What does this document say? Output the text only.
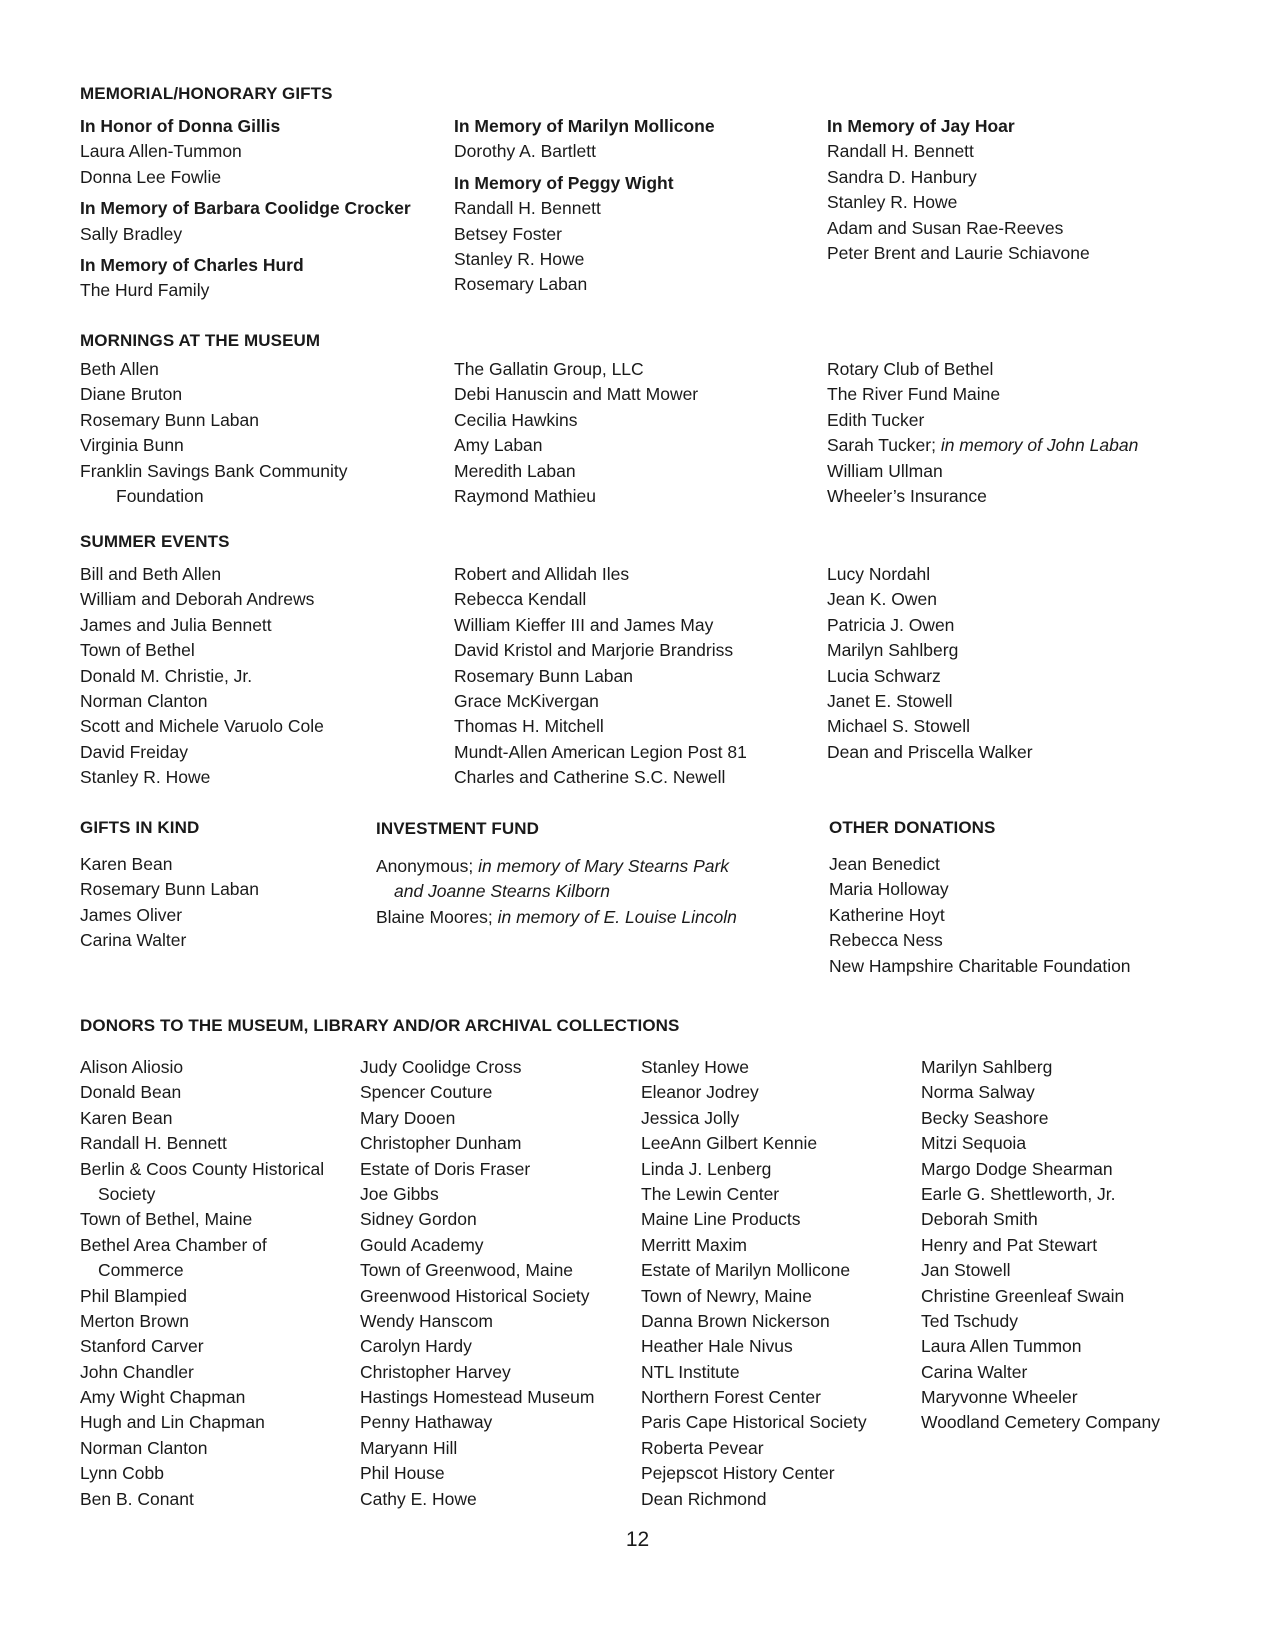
MEMORIAL/HONORARY GIFTS
In Honor of Donna Gillis
Laura Allen-Tummon
Donna Lee Fowlie
In Memory of Barbara Coolidge Crocker
Sally Bradley
In Memory of Charles Hurd
The Hurd Family
In Memory of Marilyn Mollicone
Dorothy A. Bartlett
In Memory of Peggy Wight
Randall H. Bennett
Betsey Foster
Stanley R. Howe
Rosemary Laban
In Memory of Jay Hoar
Randall H. Bennett
Sandra D. Hanbury
Stanley R. Howe
Adam and Susan Rae-Reeves
Peter Brent and Laurie Schiavone
MORNINGS AT THE MUSEUM
Beth Allen
Diane Bruton
Rosemary Bunn Laban
Virginia Bunn
Franklin Savings Bank Community
Foundation
The Gallatin Group, LLC
Debi Hanuscin and Matt Mower
Cecilia Hawkins
Amy Laban
Meredith Laban
Raymond Mathieu
Rotary Club of Bethel
The River Fund Maine
Edith Tucker
Sarah Tucker; in memory of John Laban
William Ullman
Wheeler’s Insurance
SUMMER EVENTS
Bill and Beth Allen
William and Deborah Andrews
James and Julia Bennett
Town of Bethel
Donald M. Christie, Jr.
Norman Clanton
Scott and Michele Varuolo Cole
David Freiday
Stanley R. Howe
Robert and Allidah Iles
Rebecca Kendall
William Kieffer III and James May
David Kristol and Marjorie Brandriss
Rosemary Bunn Laban
Grace McKivergan
Thomas H. Mitchell
Mundt-Allen American Legion Post 81
Charles and Catherine S.C. Newell
Lucy Nordahl
Jean K. Owen
Patricia J. Owen
Marilyn Sahlberg
Lucia Schwarz
Janet E. Stowell
Michael S. Stowell
Dean and Priscella Walker
GIFTS IN KIND
Karen Bean
Rosemary Bunn Laban
James Oliver
Carina Walter
INVESTMENT FUND
Anonymous; in memory of Mary Stearns Park
and Joanne Stearns Kilborn
Blaine Moores; in memory of E. Louise Lincoln
OTHER DONATIONS
Jean Benedict
Maria Holloway
Katherine Hoyt
Rebecca Ness
New Hampshire Charitable Foundation
DONORS TO THE MUSEUM, LIBRARY AND/OR ARCHIVAL COLLECTIONS
Alison Aliosio
Donald Bean
Karen Bean
Randall H. Bennett
Berlin & Coos County Historical
Society
Town of Bethel, Maine
Bethel Area Chamber of
Commerce
Phil Blampied
Merton Brown
Stanford Carver
John Chandler
Amy Wight Chapman
Hugh and Lin Chapman
Norman Clanton
Lynn Cobb
Ben B. Conant
Judy Coolidge Cross
Spencer Couture
Mary Dooen
Christopher Dunham
Estate of Doris Fraser
Joe Gibbs
Sidney Gordon
Gould Academy
Town of Greenwood, Maine
Greenwood Historical Society
Wendy Hanscom
Carolyn Hardy
Christopher Harvey
Hastings Homestead Museum
Penny Hathaway
Maryann Hill
Phil House
Cathy E. Howe
Stanley Howe
Eleanor Jodrey
Jessica Jolly
LeeAnn Gilbert Kennie
Linda J. Lenberg
The Lewin Center
Maine Line Products
Merritt Maxim
Estate of Marilyn Mollicone
Town of Newry, Maine
Danna Brown Nickerson
Heather Hale Nivus
NTL Institute
Northern Forest Center
Paris Cape Historical Society
Roberta Pevear
Pejepscot History Center
Dean Richmond
Marilyn Sahlberg
Norma Salway
Becky Seashore
Mitzi Sequoia
Margo Dodge Shearman
Earle G. Shettleworth, Jr.
Deborah Smith
Henry and Pat Stewart
Jan Stowell
Christine Greenleaf Swain
Ted Tschudy
Laura Allen Tummon
Carina Walter
Maryvonne Wheeler
Woodland Cemetery Company
12
